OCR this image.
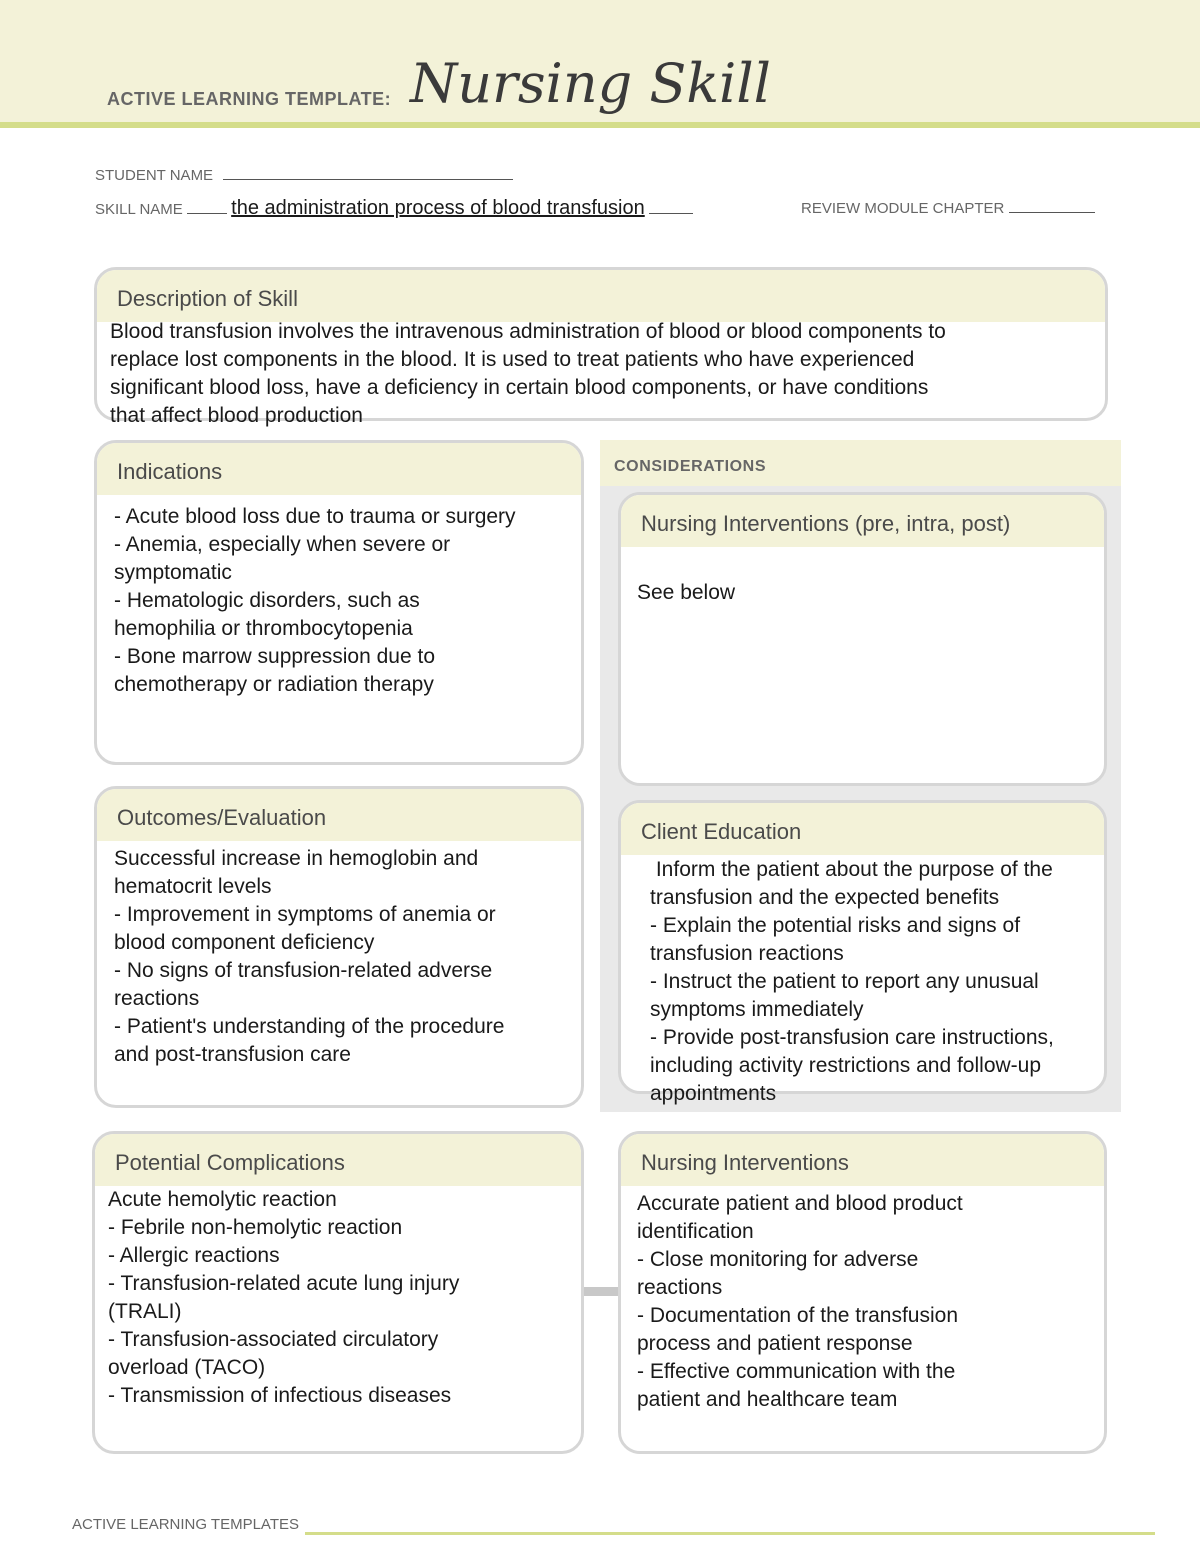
ACTIVE LEARNING TEMPLATE: Nursing Skill
STUDENT NAME
SKILL NAME the administration process of blood transfusion	REVIEW MODULE CHAPTER
Description of Skill
Blood transfusion involves the intravenous administration of blood or blood components to
replace lost components in the blood. It is used to treat patients who have experienced
significant blood loss, have a deficiency in certain blood components, or have conditions
that affect blood production
CONSIDERATIONS
Indications
- Acute blood loss due to trauma or surgery
- Anemia, especially when severe or
symptomatic
- Hematologic disorders, such as
hemophilia or thrombocytopenia
- Bone marrow suppression due to
chemotherapy or radiation therapy
Nursing Interventions (pre, intra, post)
See below
Outcomes/Evaluation
Successful increase in hemoglobin and
hematocrit levels
- Improvement in symptoms of anemia or
blood component deficiency
- No signs of transfusion-related adverse
reactions
- Patient's understanding of the procedure
and post-transfusion care
Client Education
Inform the patient about the purpose of the
transfusion and the expected benefits
- Explain the potential risks and signs of
transfusion reactions
- Instruct the patient to report any unusual
symptoms immediately
- Provide post-transfusion care instructions,
including activity restrictions and follow-up
appointments
Potential Complications
Acute hemolytic reaction
- Febrile non-hemolytic reaction
- Allergic reactions
- Transfusion-related acute lung injury
(TRALI)
- Transfusion-associated circulatory
overload (TACO)
- Transmission of infectious diseases
Nursing Interventions
Accurate patient and blood product
identification
- Close monitoring for adverse
reactions
- Documentation of the transfusion
process and patient response
- Effective communication with the
patient and healthcare team
ACTIVE LEARNING TEMPLATES
